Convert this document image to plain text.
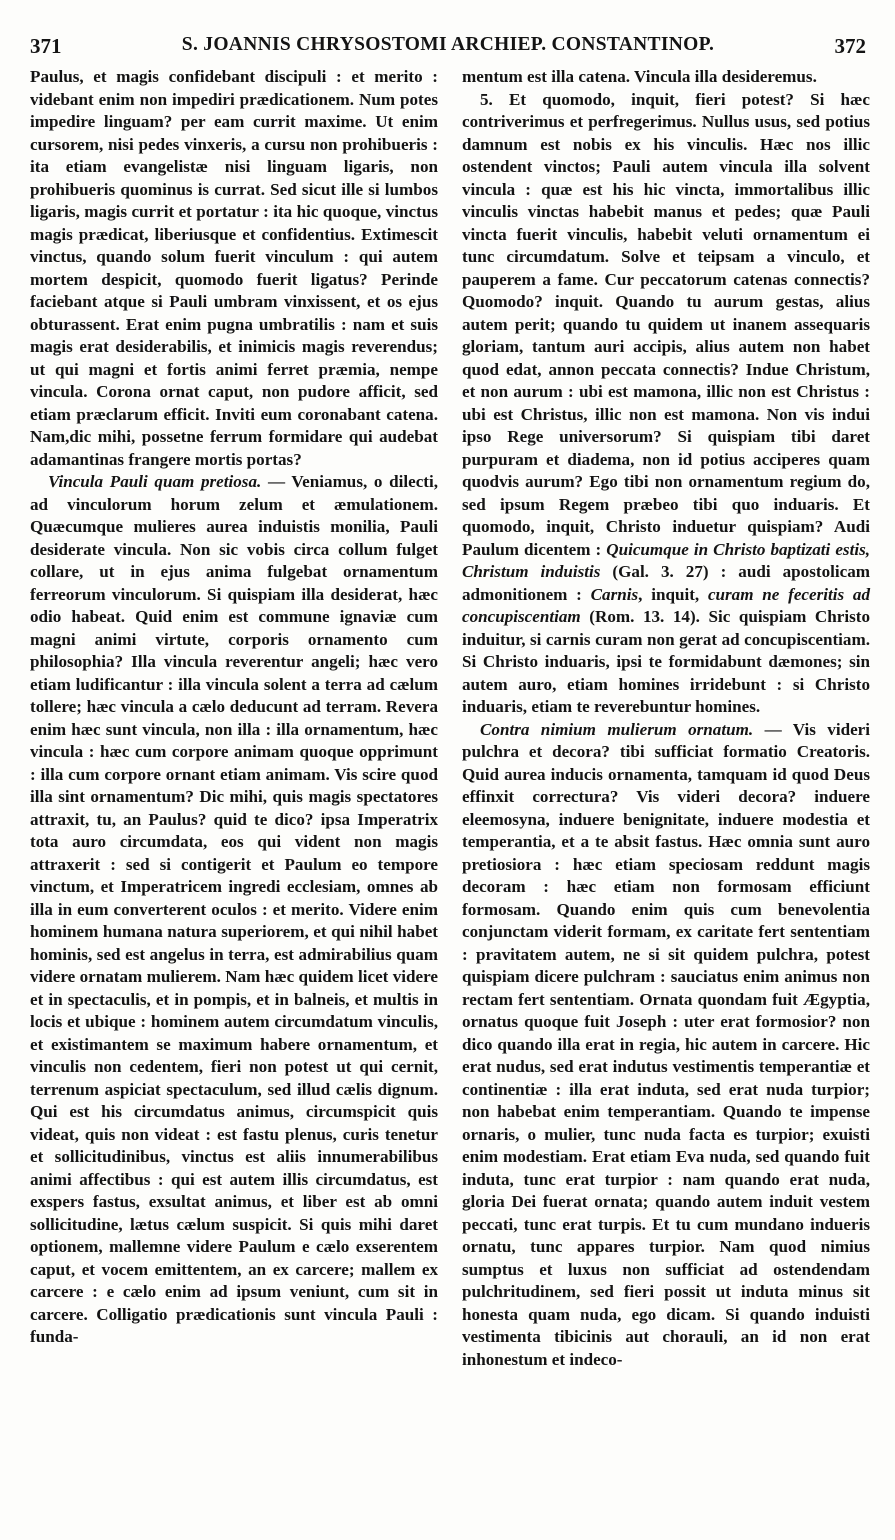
371	S. JOANNIS CHRYSOSTOMI ARCHIEP. CONSTANTINOP.	372

Paulus, et magis confidebant discipuli : et merito : videbant enim non impediri prædicationem. Num potes impedire linguam? per eam currit maxime. Ut enim cursorem, nisi pedes vinxeris, a cursu non prohibueris : ita etiam evangelistæ nisi linguam ligaris, non prohibueris quominus is currat. Sed sicut ille si lumbos ligaris, magis currit et portatur : ita hic quoque, vinctus magis prædicat, liberiusque et confidentius. Extimescit vinctus, quando solum fuerit vinculum : qui autem mortem despicit, quomodo fuerit ligatus? Perinde faciebant atque si Pauli umbram vinxissent, et os ejus obturassent. Erat enim pugna umbratilis : nam et suis magis erat desiderabilis, et inimicis magis reverendus; ut qui magni et fortis animi ferret præmia, nempe vincula. Corona ornat caput, non pudore afficit, sed etiam præclarum efficit. Inviti eum coronabant catena. Nam,dic mihi, possetne ferrum formidare qui audebat adamantinas frangere mortis portas?

Vincula Pauli quam pretiosa. — Veniamus, o dilecti, ad vinculorum horum zelum et æmulationem. Quæcumque mulieres aurea induistis monilia, Pauli desiderate vincula. Non sic vobis circa collum fulget collare, ut in ejus anima fulgebat ornamentum ferreorum vinculorum. Si quispiam illa desiderat, hæc odio habeat. Quid enim est commune ignaviæ cum magni animi virtute, corporis ornamento cum philosophia? Illa vincula reverentur angeli; hæc vero etiam ludificantur : illa vincula solent a terra ad cælum tollere; hæc vincula a cælo deducunt ad terram. Revera enim hæc sunt vincula, non illa : illa ornamentum, hæc vincula : hæc cum corpore animam quoque opprimunt : illa cum corpore ornant etiam animam. Vis scire quod illa sint ornamentum? Dic mihi, quis magis spectatores attraxit, tu, an Paulus? quid te dico? ipsa Imperatrix tota auro circumdata, eos qui vident non magis attraxerit : sed si contigerit et Paulum eo tempore vinctum, et Imperatricem ingredi ecclesiam, omnes ab illa in eum converterent oculos : et merito. Videre enim hominem humana natura superiorem, et qui nihil habet hominis, sed est angelus in terra, est admirabilius quam videre ornatam mulierem. Nam hæc quidem licet videre et in spectaculis, et in pompis, et in balneis, et multis in locis et ubique : hominem autem circumdatum vinculis, et existimantem se maximum habere ornamentum, et vinculis non cedentem, fieri non potest ut qui cernit, terrenum aspiciat spectaculum, sed illud cælis dignum. Qui est his circumdatus animus, circumspicit quis videat, quis non videat : est fastu plenus, curis tenetur et sollicitudinibus, vinctus est aliis innumerabilibus animi affectibus : qui est autem illis circumdatus, est exspers fastus, exsultat animus, et liber est ab omni sollicitudine, lætus cælum suspicit. Si quis mihi daret optionem, mallemne videre Paulum e cælo exserentem caput, et vocem emittentem, an ex carcere; mallem ex carcere : e cælo enim ad ipsum veniunt, cum sit in carcere. Colligatio prædicationis sunt vincula Pauli : funda-

mentum est illa catena. Vincula illa desideremus.

5. Et quomodo, inquit, fieri potest? Si hæc contriverimus et perfregerimus. Nullus usus, sed potius damnum est nobis ex his vinculis. Hæc nos illic ostendent vinctos; Pauli autem vincula illa solvent vincula : quæ est his hic vincta, immortalibus illic vinculis vinctas habebit manus et pedes; quæ Pauli vincta fuerit vinculis, habebit veluti ornamentum ei tunc circumdatum. Solve et teipsam a vinculo, et pauperem a fame. Cur peccatorum catenas connectis? Quomodo? inquit. Quando tu aurum gestas, alius autem perit; quando tu quidem ut inanem assequaris gloriam, tantum auri accipis, alius autem non habet quod edat, annon peccata connectis? Indue Christum, et non aurum : ubi est mamona, illic non est Christus : ubi est Christus, illic non est mamona. Non vis indui ipso Rege universorum? Si quispiam tibi daret purpuram et diadema, non id potius acciperes quam quodvis aurum? Ego tibi non ornamentum regium do, sed ipsum Regem præbeo tibi quo induaris. Et quomodo, inquit, Christo induetur quispiam? Audi Paulum dicentem : Quicumque in Christo baptizati estis, Christum induistis (Gal. 3. 27) : audi apostolicam admonitionem : Carnis, inquit, curam ne feceritis ad concupiscentiam (Rom. 13. 14). Sic quispiam Christo induitur, si carnis curam non gerat ad concupiscentiam. Si Christo induaris, ipsi te formidabunt dæmones; sin autem auro, etiam homines irridebunt : si Christo induaris, etiam te reverebuntur homines.

Contra nimium mulierum ornatum. — Vis videri pulchra et decora? tibi sufficiat formatio Creatoris. Quid aurea inducis ornamenta, tamquam id quod Deus effinxit correctura? Vis videri decora? induere eleemosyna, induere benignitate, induere modestia et temperantia, et a te absit fastus. Hæc omnia sunt auro pretiosiora : hæc etiam speciosam reddunt magis decoram : hæc etiam non formosam efficiunt formosam. Quando enim quis cum benevolentia conjunctam viderit formam, ex caritate fert sententiam : pravitatem autem, ne si sit quidem pulchra, potest quispiam dicere pulchram : sauciatus enim animus non rectam fert sententiam. Ornata quondam fuit Ægyptia, ornatus quoque fuit Joseph : uter erat formosior? non dico quando illa erat in regia, hic autem in carcere. Hic erat nudus, sed erat indutus vestimentis temperantiæ et continentiæ : illa erat induta, sed erat nuda turpior; non habebat enim temperantiam. Quando te impense ornaris, o mulier, tunc nuda facta es turpior; exuisti enim modestiam. Erat etiam Eva nuda, sed quando fuit induta, tunc erat turpior : nam quando erat nuda, gloria Dei fuerat ornata; quando autem induit vestem peccati, tunc erat turpis. Et tu cum mundano indueris ornatu, tunc appares turpior. Nam quod nimius sumptus et luxus non sufficiat ad ostendendam pulchritudinem, sed fieri possit ut induta minus sit honesta quam nuda, ego dicam. Si quando induisti vestimenta tibicinis aut chorauli, an id non erat inhonestum et indeco-
